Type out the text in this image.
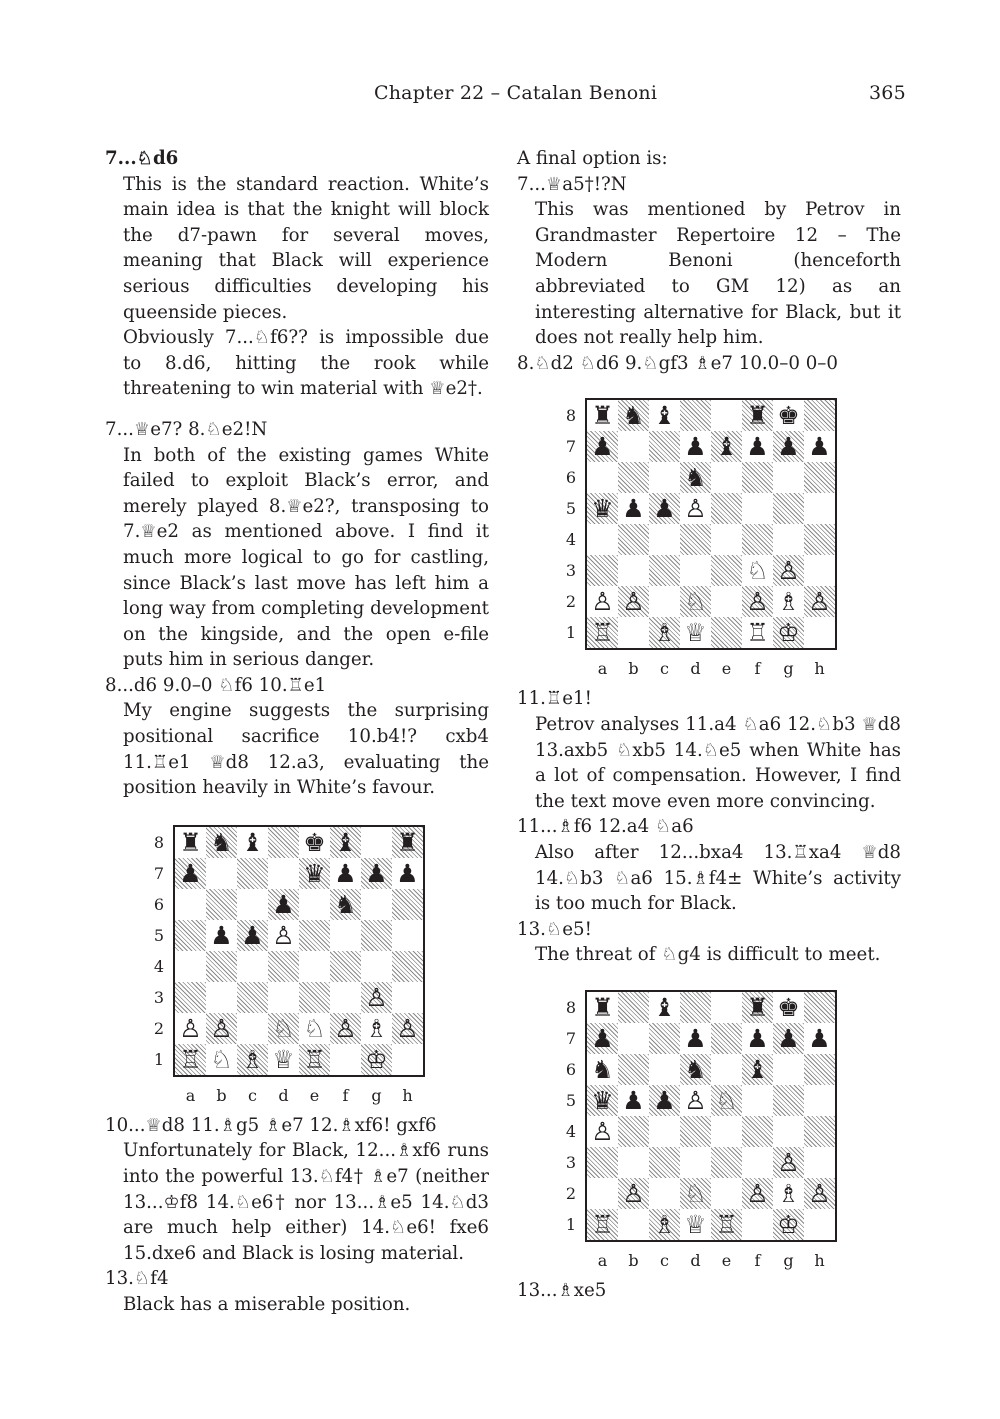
Chapter 22 – Catalan Benoni	365

7...♘d6

This is the standard reaction. White’s main idea is that the knight will block the d7-pawn for several moves, meaning that Black will experience serious difficulties developing his queenside pieces.

Obviously 7...♘f6?? is impossible due to 8.d6, hitting the rook while threatening to win material with ♕e2†.

7...♕e7? 8.♘e2!N

In both of the existing games White failed to exploit Black’s error, and merely played 8.♕e2?, transposing to 7.♕e2 as mentioned above. I find it much more logical to go for castling, since Black’s last move has left him a long way from completing development on the kingside, and the open e-file puts him in serious danger.

8...d6 9.0–0 ♘f6 10.♖e1

My engine suggests the surprising positional sacrifice 10.b4!? cxb4 11.♖e1 ♕d8 12.a3, evaluating the position heavily in White’s favour.

♜ ♞ ♝ ♚ ♝ ♜
♟	♛ ♟ ♟ ♟
♟ ♞
♟ ♟ ♙
♙
♙ ♙ ♘ ♘ ♙ ♗ ♙
♖ ♘ ♗ ♕ ♖ ♔
8
7
6
5
4
3
2
1
a	b	c	d	e	f	g	h

10...♕d8 11.♗g5 ♗e7 12.♗xf6! gxf6

Unfortunately for Black, 12...♗xf6 runs into the powerful 13.♘f4† ♗e7 (neither 13...♔f8 14.♘e6† nor 13...♗e5 14.♘d3 are much help either) 14.♘e6! fxe6 15.dxe6 and Black is losing material.

13.♘f4

Black has a miserable position.

A final option is:

7...♕a5†!?N

This was mentioned by Petrov in Grandmaster Repertoire 12 – The Modern Benoni (henceforth abbreviated to GM 12) as an interesting alternative for Black, but it does not really help him.

8.♘d2 ♘d6 9.♘gf3 ♗e7 10.0–0 0–0

♜ ♞ ♝	♜ ♚
♟	♟ ♝ ♟ ♟ ♟
♞
♛ ♟ ♟ ♙
♘ ♙
♙ ♙ ♘ ♙ ♗ ♙
♖ ♗ ♕ ♖ ♔
8
7
6
5
4
3
2
1
a	b	c	d	e	f	g	h

11.♖e1!

Petrov analyses 11.a4 ♘a6 12.♘b3 ♕d8 13.axb5 ♘xb5 14.♘e5 when White has a lot of compensation. However, I find the text move even more convincing.

11...♗f6 12.a4 ♘a6

Also after 12...bxa4 13.♖xa4 ♕d8 14.♘b3 ♘a6 15.♗f4± White’s activity is too much for Black.

13.♘e5!

The threat of ♘g4 is difficult to meet.

♜ ♝	♜ ♚
♟	♟ ♟ ♟ ♟
♞	♞ ♝
♛ ♟ ♟ ♙ ♘
♙
♙
♙ ♘ ♙ ♗ ♙
♖ ♗ ♕ ♖ ♔
8
7
6
5
4
3
2
1
a	b	c	d	e	f	g	h

13...♗xe5
